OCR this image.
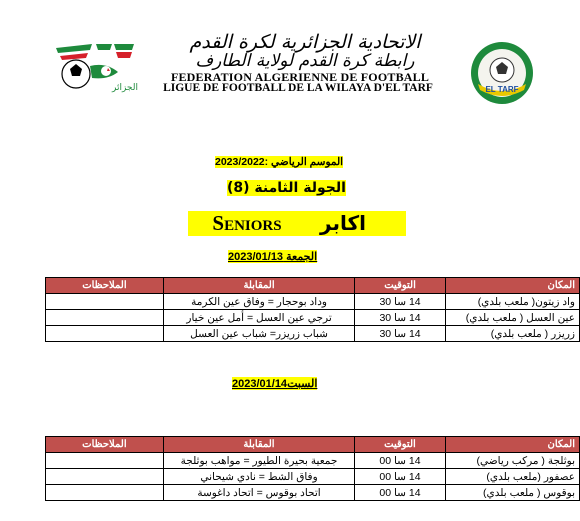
الجزائر	EL TARF
الاتحادية الجزائرية لكرة القدم
رابطة كرة القدم لولاية الطارف
FEDERATION ALGERIENNE DE FOOTBALL
LIGUE DE FOOTBALL DE LA WILAYA D'EL TARF
الموسم الرياضي :2023/2022
الجولة الثامنة (8)
Seniors	اكابر
الجمعة 2023/01/13
المكان	التوقيت	المقابلة	الملاحظات
واد زيتون( ملعب بلدي)	14 سا 30	وداد بوحجار = وفاق عين الكرمة	
عين العسل ( ملعب بلدي)	14 سا 30	ترجي عين العسل = أمل عين خيار	
زريزر ( ملعب بلدي)	14 سا 30	شباب زريزر= شباب عين العسل	
السبت2023/01/14
المكان	التوقيت	المقابلة	الملاحظات
بوثلجة ( مركب رياضي)	14 سا 00	جمعية بحيرة الطيور = مواهب بوثلجة	
عصفور (ملعب بلدي)	14 سا 00	وفاق الشط = نادي شيحاني	
بوقوس ( ملعب بلدي)	14 سا 00	اتحاد بوقوس = اتحاد داغوسة	
